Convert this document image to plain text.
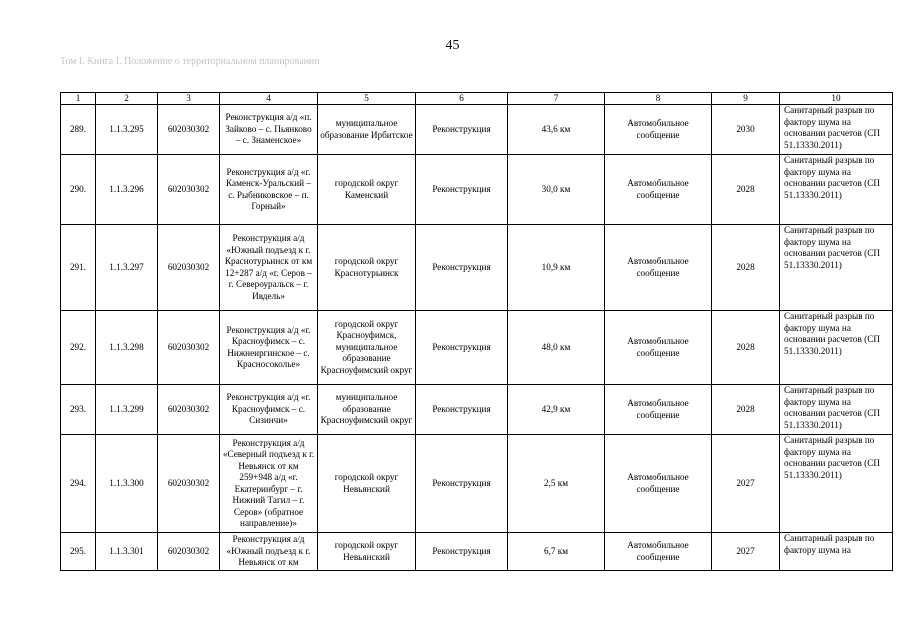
45
Том I. Книга I. Положение о территориальном планировании
1	2	3	4	5	6	7	8	9	10
289.	1.1.3.295	602030302	Реконструкция а/д «п. Зайково – с. Пьянково – с. Знаменское»	муниципальное образование Ирбитское	Реконструкция	43,6 км	Автомобильное сообщение	2030	Санитарный разрыв по фактору шума на основании расчетов (СП 51.13330.2011)
290.	1.1.3.296	602030302	Реконструкция а/д «г. Каменск-Уральский – с. Рыбниковское – п. Горный»	городской округ Каменский	Реконструкция	30,0 км	Автомобильное сообщение	2028	Санитарный разрыв по фактору шума на основании расчетов (СП 51.13330.2011)
291.	1.1.3.297	602030302	Реконструкция а/д «Южный подъезд к г. Краснотурьинск от км 12+287 а/д «г. Серов – г. Североуральск – г. Ивдель»	городской округ Краснотурьинск	Реконструкция	10,9 км	Автомобильное сообщение	2028	Санитарный разрыв по фактору шума на основании расчетов (СП 51.13330.2011)
292.	1.1.3.298	602030302	Реконструкция а/д «г. Красноуфимск – с. Нижнеиргинское – с. Красносоколье»	городской округ Красноуфимск, муниципальное образование Красноуфимский округ	Реконструкция	48,0 км	Автомобильное сообщение	2028	Санитарный разрыв по фактору шума на основании расчетов (СП 51.13330.2011)
293.	1.1.3.299	602030302	Реконструкция а/д «г. Красноуфимск – с. Сизинчи»	муниципальное образование Красноуфимский округ	Реконструкция	42,9 км	Автомобильное сообщение	2028	Санитарный разрыв по фактору шума на основании расчетов (СП 51.13330.2011)
294.	1.1.3.300	602030302	Реконструкция а/д «Северный подъезд к г. Невьянск от км 259+948 а/д «г. Екатеринбург – г. Нижний Тагил – г. Серов» (обратное направление)»	городской округ Невьянский	Реконструкция	2,5 км	Автомобильное сообщение	2027	Санитарный разрыв по фактору шума на основании расчетов (СП 51.13330.2011)
295.	1.1.3.301	602030302	Реконструкция а/д «Южный подъезд к г. Невьянск от км	городской округ Невьянский	Реконструкция	6,7 км	Автомобильное сообщение	2027	Санитарный разрыв по фактору шума на
